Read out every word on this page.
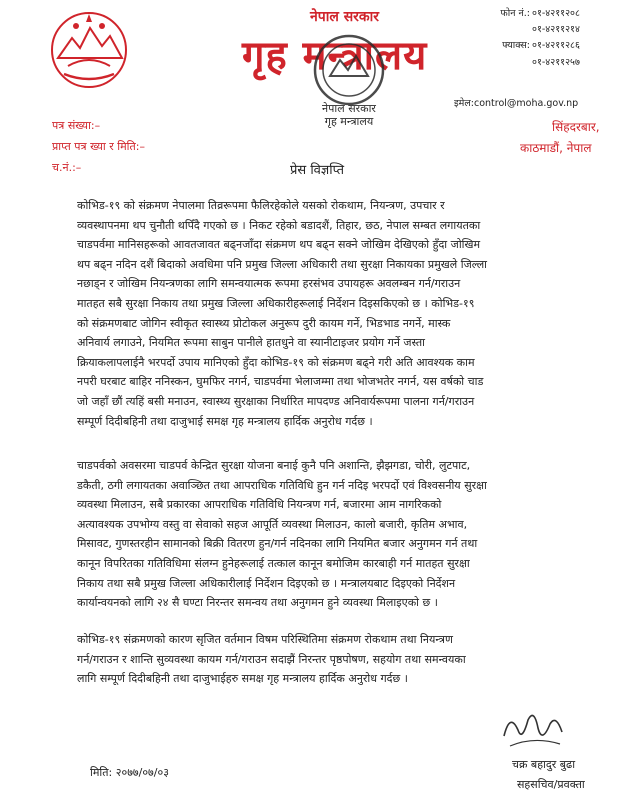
नेपाल सरकार
गृह मन्त्रालय
नेपाल सरकार
गृह मन्त्रालय
फोन नं.: ०१-४२११२०८
०१-४२११२१४
फ्याक्स: ०१-४२११२८६
०१-४२११२५७
इमेल:control@moha.gov.np
पत्र संख्या:–
प्राप्त पत्र ख्या र मिति:–
च.नं.:–
सिंहदरबार,
काठमाडौं, नेपाल
प्रेस विज्ञप्ति
कोभिड-१९ को संक्रमण नेपालमा तिव्ररूपमा फैलिरहेकोले यसको रोकथाम, नियन्त्रण, उपचार र
व्यवस्थापनमा थप चुनौती थपिँदै गएको छ । निकट रहेको बडादशैं, तिहार, छठ, नेपाल सम्बत लगायतका
चाडपर्वमा मानिसहरूको आवतजावत बढ्नजाँदा संक्रमण थप बढ्न सक्ने जोखिम देखिएको हुँदा जोखिम
थप बढ्न नदिन दशैं बिदाको अवधिमा पनि प्रमुख जिल्ला अधिकारी तथा सुरक्षा निकायका प्रमुखले जिल्ला
नछाड्न र जोखिम नियन्त्रणका लागि समन्वयात्मक रूपमा हरसंभव उपायहरू अवलम्बन गर्न/गराउन
मातहत सबै सुरक्षा निकाय तथा प्रमुख जिल्ला अधिकारीहरूलाई निर्देशन दिइसकिएको छ । कोभिड-१९
को संक्रमणबाट जोगिन स्वीकृत स्वास्थ्य प्रोटोकल अनुरूप दुरी कायम गर्ने, भिडभाड नगर्ने, मास्क
अनिवार्य लगाउने, नियमित रूपमा साबुन पानीले हातधुने वा स्यानीटाइजर प्रयोग गर्ने जस्ता
क्रियाकलापलाईनै भरपर्दो उपाय मानिएको हुँदा कोभिड-१९ को संक्रमण बढ्ने गरी अति आवश्यक काम
नपरी घरबाट बाहिर ननिस्कन, घुमफिर नगर्न, चाडपर्वमा भेलाजम्मा तथा भोजभतेर नगर्न, यस वर्षको चाड
जो जहाँ छौं त्यहिं बसी मनाउन, स्वास्थ्य सुरक्षाका निर्धारित मापदण्ड अनिवार्यरूपमा पालना गर्न/गराउन
सम्पूर्ण दिदीबहिनी तथा दाजुभाई समक्ष गृह मन्त्रालय हार्दिक अनुरोध गर्दछ ।
चाडपर्वको अवसरमा चाडपर्व केन्द्रित सुरक्षा योजना बनाई कुनै पनि अशान्ति, झैझगडा, चोरी, लुटपाट,
डकैती, ठगी लगायतका अवाञ्छित तथा आपराधिक गतिविधि हुन गर्न नदिइ भरपर्दो एवं विश्वसनीय सुरक्षा
व्यवस्था मिलाउन, सबै प्रकारका आपराधिक गतिविधि नियन्त्रण गर्न, बजारमा आम नागरिकको
अत्यावश्यक उपभोग्य वस्तु वा सेवाको सहज आपूर्ति व्यवस्था मिलाउन, कालो बजारी, कृतिम अभाव,
मिसावट, गुणस्तरहीन सामानको बिक्री वितरण हुन/गर्न नदिनका लागि नियमित बजार अनुगमन गर्न तथा
कानून विपरितका गतिविधिमा संलग्न हुनेहरूलाई तत्काल कानून बमोजिम कारबाही गर्न मातहत सुरक्षा
निकाय तथा सबै प्रमुख जिल्ला अधिकारीलाई निर्देशन दिइएको छ । मन्त्रालयबाट दिइएको निर्देशन
कार्यान्वयनको लागि २४ सै घण्टा निरन्तर समन्वय तथा अनुगमन हुने व्यवस्था मिलाइएको छ ।
कोभिड-१९ संक्रमणको कारण सृजित वर्तमान विषम परिस्थितिमा संक्रमण रोकथाम तथा नियन्त्रण
गर्न/गराउन र शान्ति सुव्यवस्था कायम गर्न/गराउन सदाझैं निरन्तर पृष्ठपोषण, सहयोग तथा समन्वयका
लागि सम्पूर्ण दिदीबहिनी तथा दाजुभाईहरु समक्ष गृह मन्त्रालय हार्दिक अनुरोध गर्दछ ।
चक्र बहादुर बुढा
सहसचिव/प्रवक्ता
मिति: २०७७/०७/०३
